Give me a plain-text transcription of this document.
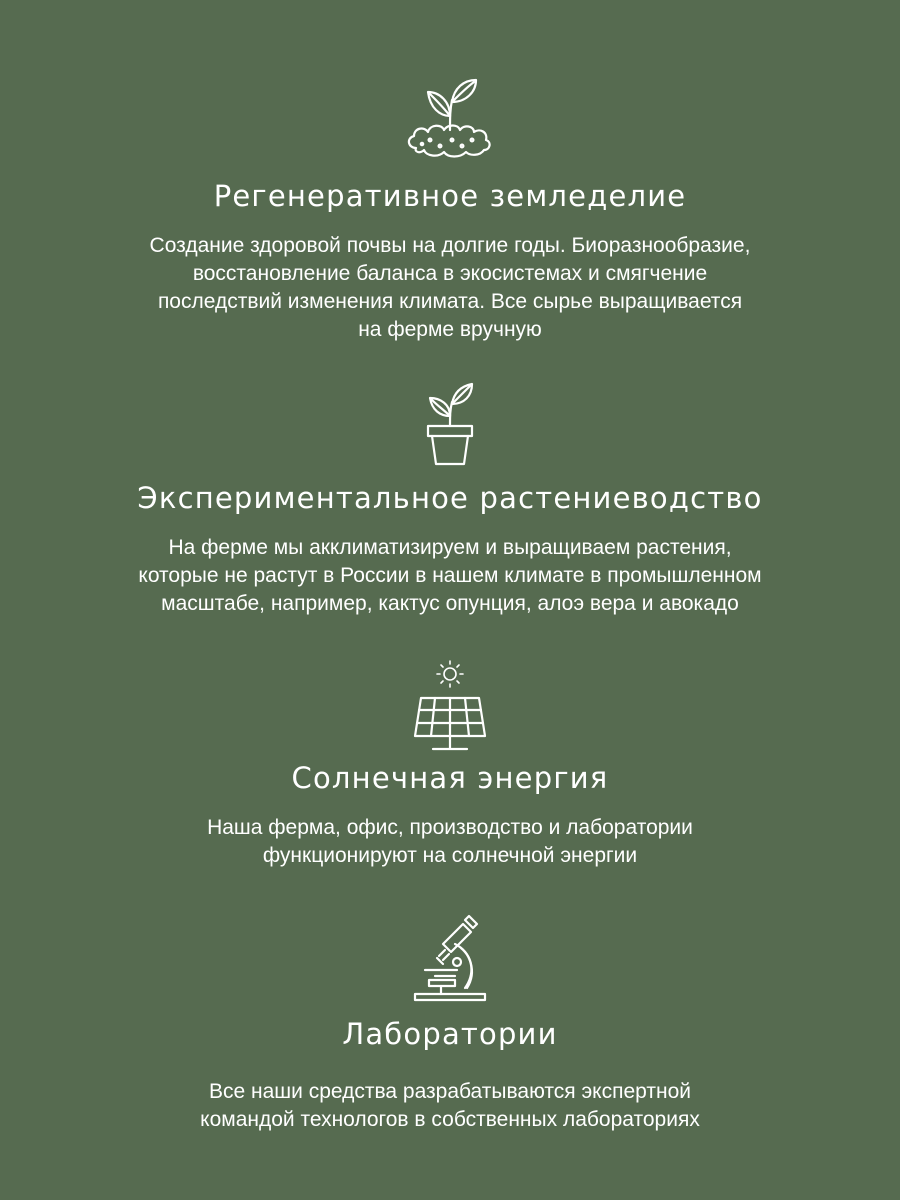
Регенеративное земледелие

Создание здоровой почвы на долгие годы. Биоразнообразие,
восстановление баланса в экосистемах и смягчение
последствий изменения климата. Все сырье выращивается
на ферме вручную

Экспериментальное растениеводство

На ферме мы акклиматизируем и выращиваем растения,
которые не растут в России в нашем климате в промышленном
масштабе, например, кактус опунция, алоэ вера и авокадо

Солнечная энергия

Наша ферма, офис, производство и лаборатории
функционируют на солнечной энергии

Лаборатории

Все наши средства разрабатываются экспертной
командой технологов в собственных лабораториях
